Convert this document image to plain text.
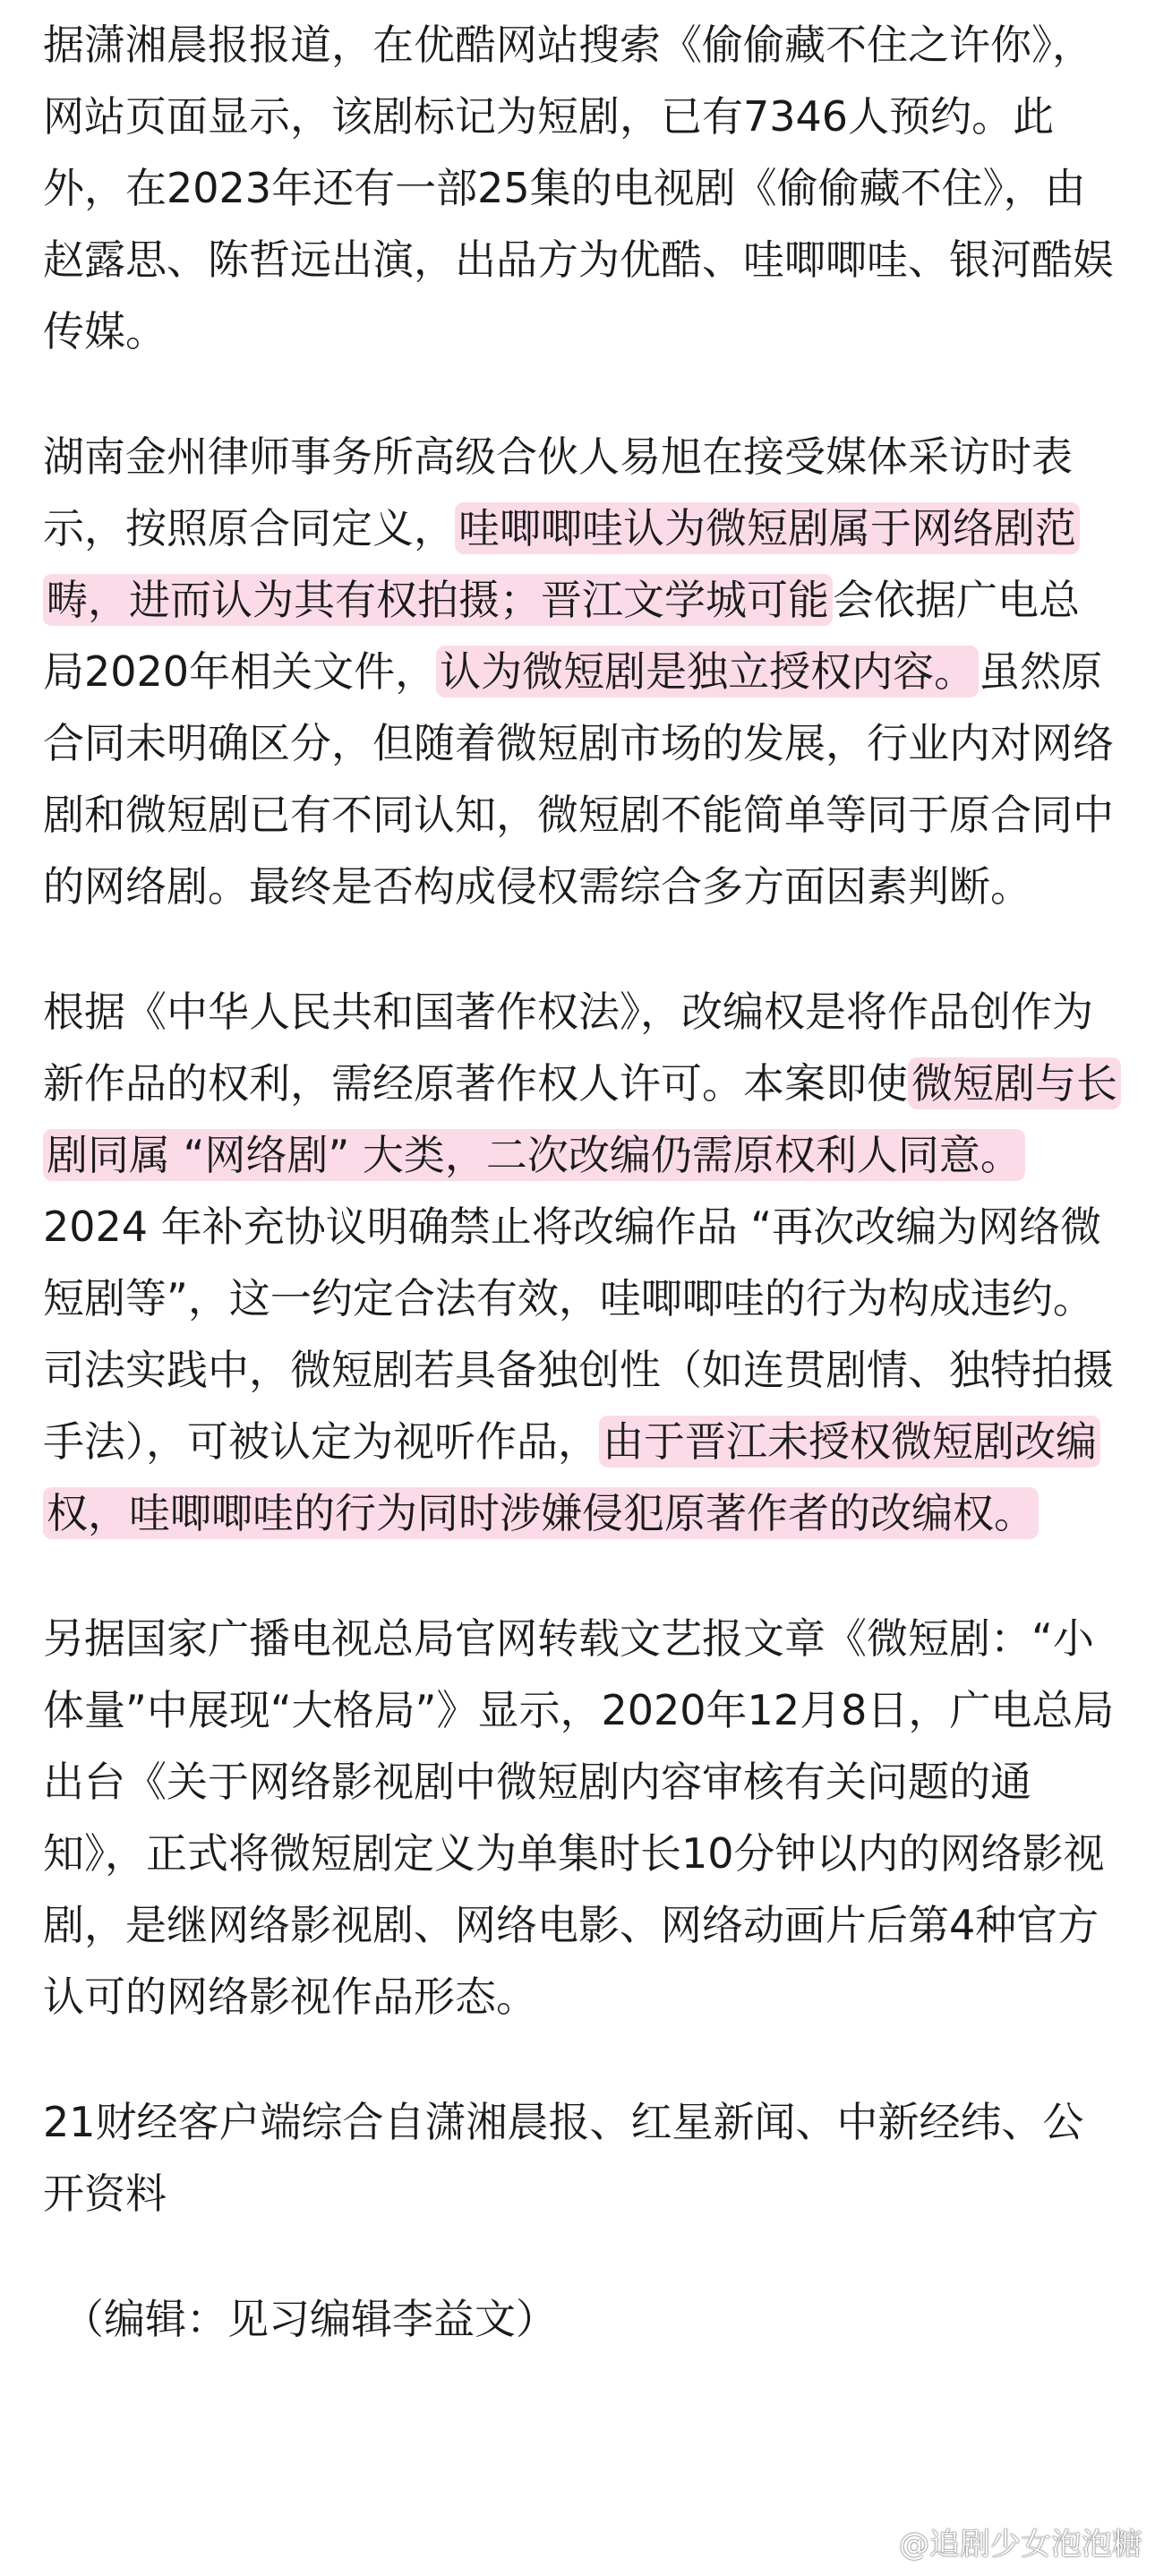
据潇湘晨报报道，在优酷网站搜索《偷偷藏不住之许你》，网站页面显示，该剧标记为短剧，已有7346人预约。此外，在2023年还有一部25集的电视剧《偷偷藏不住》，由赵露思、陈哲远出演，出品方为优酷、哇唧唧哇、银河酷娱传媒。

湖南金州律师事务所高级合伙人易旭在接受媒体采访时表示，按照原合同定义，哇唧唧哇认为微短剧属于网络剧范畴，进而认为其有权拍摄；晋江文学城可能会依据广电总局2020年相关文件，认为微短剧是独立授权内容。虽然原合同未明确区分，但随着微短剧市场的发展，行业内对网络剧和微短剧已有不同认知，微短剧不能简单等同于原合同中的网络剧。最终是否构成侵权需综合多方面因素判断。

根据《中华人民共和国著作权法》，改编权是将作品创作为新作品的权利，需经原著作权人许可。本案即使微短剧与长剧同属 “网络剧” 大类，二次改编仍需原权利人同意。2024 年补充协议明确禁止将改编作品 “再次改编为网络微短剧等”，这一约定合法有效，哇唧唧哇的行为构成违约。司法实践中，微短剧若具备独创性（如连贯剧情、独特拍摄手法），可被认定为视听作品，由于晋江未授权微短剧改编权，哇唧唧哇的行为同时涉嫌侵犯原著作者的改编权。

另据国家广播电视总局官网转载文艺报文章《微短剧：“小体量”中展现“大格局”》显示，2020年12月8日，广电总局出台《关于网络影视剧中微短剧内容审核有关问题的通知》，正式将微短剧定义为单集时长10分钟以内的网络影视剧，是继网络影视剧、网络电影、网络动画片后第4种官方认可的网络影视作品形态。

21财经客户端综合自潇湘晨报、红星新闻、中新经纬、公开资料

（编辑：见习编辑李益文）

@追剧少女泡泡糖
